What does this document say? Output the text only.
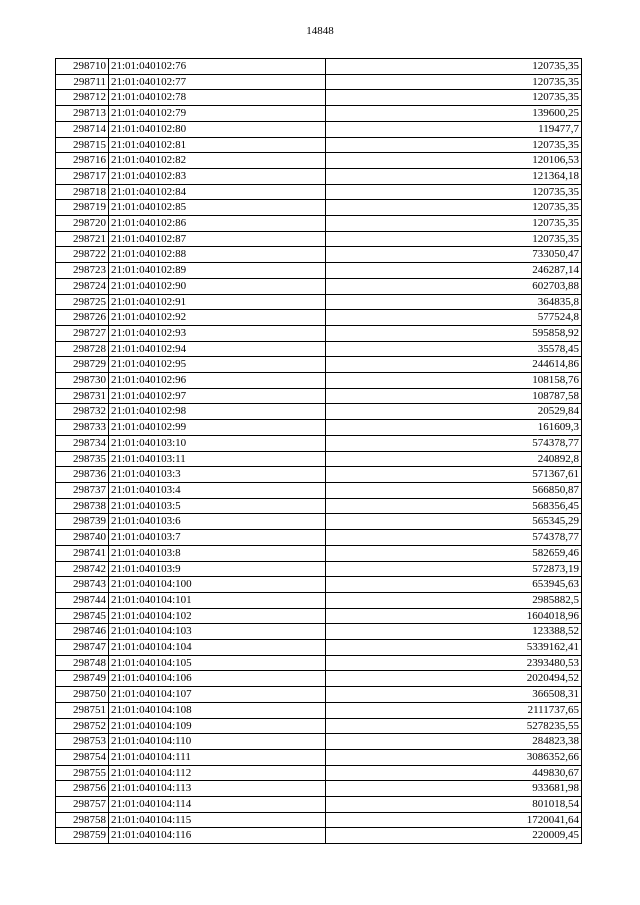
14848
298710	21:01:040102:76	120735,35
298711	21:01:040102:77	120735,35
298712	21:01:040102:78	120735,35
298713	21:01:040102:79	139600,25
298714	21:01:040102:80	119477,7
298715	21:01:040102:81	120735,35
298716	21:01:040102:82	120106,53
298717	21:01:040102:83	121364,18
298718	21:01:040102:84	120735,35
298719	21:01:040102:85	120735,35
298720	21:01:040102:86	120735,35
298721	21:01:040102:87	120735,35
298722	21:01:040102:88	733050,47
298723	21:01:040102:89	246287,14
298724	21:01:040102:90	602703,88
298725	21:01:040102:91	364835,8
298726	21:01:040102:92	577524,8
298727	21:01:040102:93	595858,92
298728	21:01:040102:94	35578,45
298729	21:01:040102:95	244614,86
298730	21:01:040102:96	108158,76
298731	21:01:040102:97	108787,58
298732	21:01:040102:98	20529,84
298733	21:01:040102:99	161609,3
298734	21:01:040103:10	574378,77
298735	21:01:040103:11	240892,8
298736	21:01:040103:3	571367,61
298737	21:01:040103:4	566850,87
298738	21:01:040103:5	568356,45
298739	21:01:040103:6	565345,29
298740	21:01:040103:7	574378,77
298741	21:01:040103:8	582659,46
298742	21:01:040103:9	572873,19
298743	21:01:040104:100	653945,63
298744	21:01:040104:101	2985882,5
298745	21:01:040104:102	1604018,96
298746	21:01:040104:103	123388,52
298747	21:01:040104:104	5339162,41
298748	21:01:040104:105	2393480,53
298749	21:01:040104:106	2020494,52
298750	21:01:040104:107	366508,31
298751	21:01:040104:108	2111737,65
298752	21:01:040104:109	5278235,55
298753	21:01:040104:110	284823,38
298754	21:01:040104:111	3086352,66
298755	21:01:040104:112	449830,67
298756	21:01:040104:113	933681,98
298757	21:01:040104:114	801018,54
298758	21:01:040104:115	1720041,64
298759	21:01:040104:116	220009,45
